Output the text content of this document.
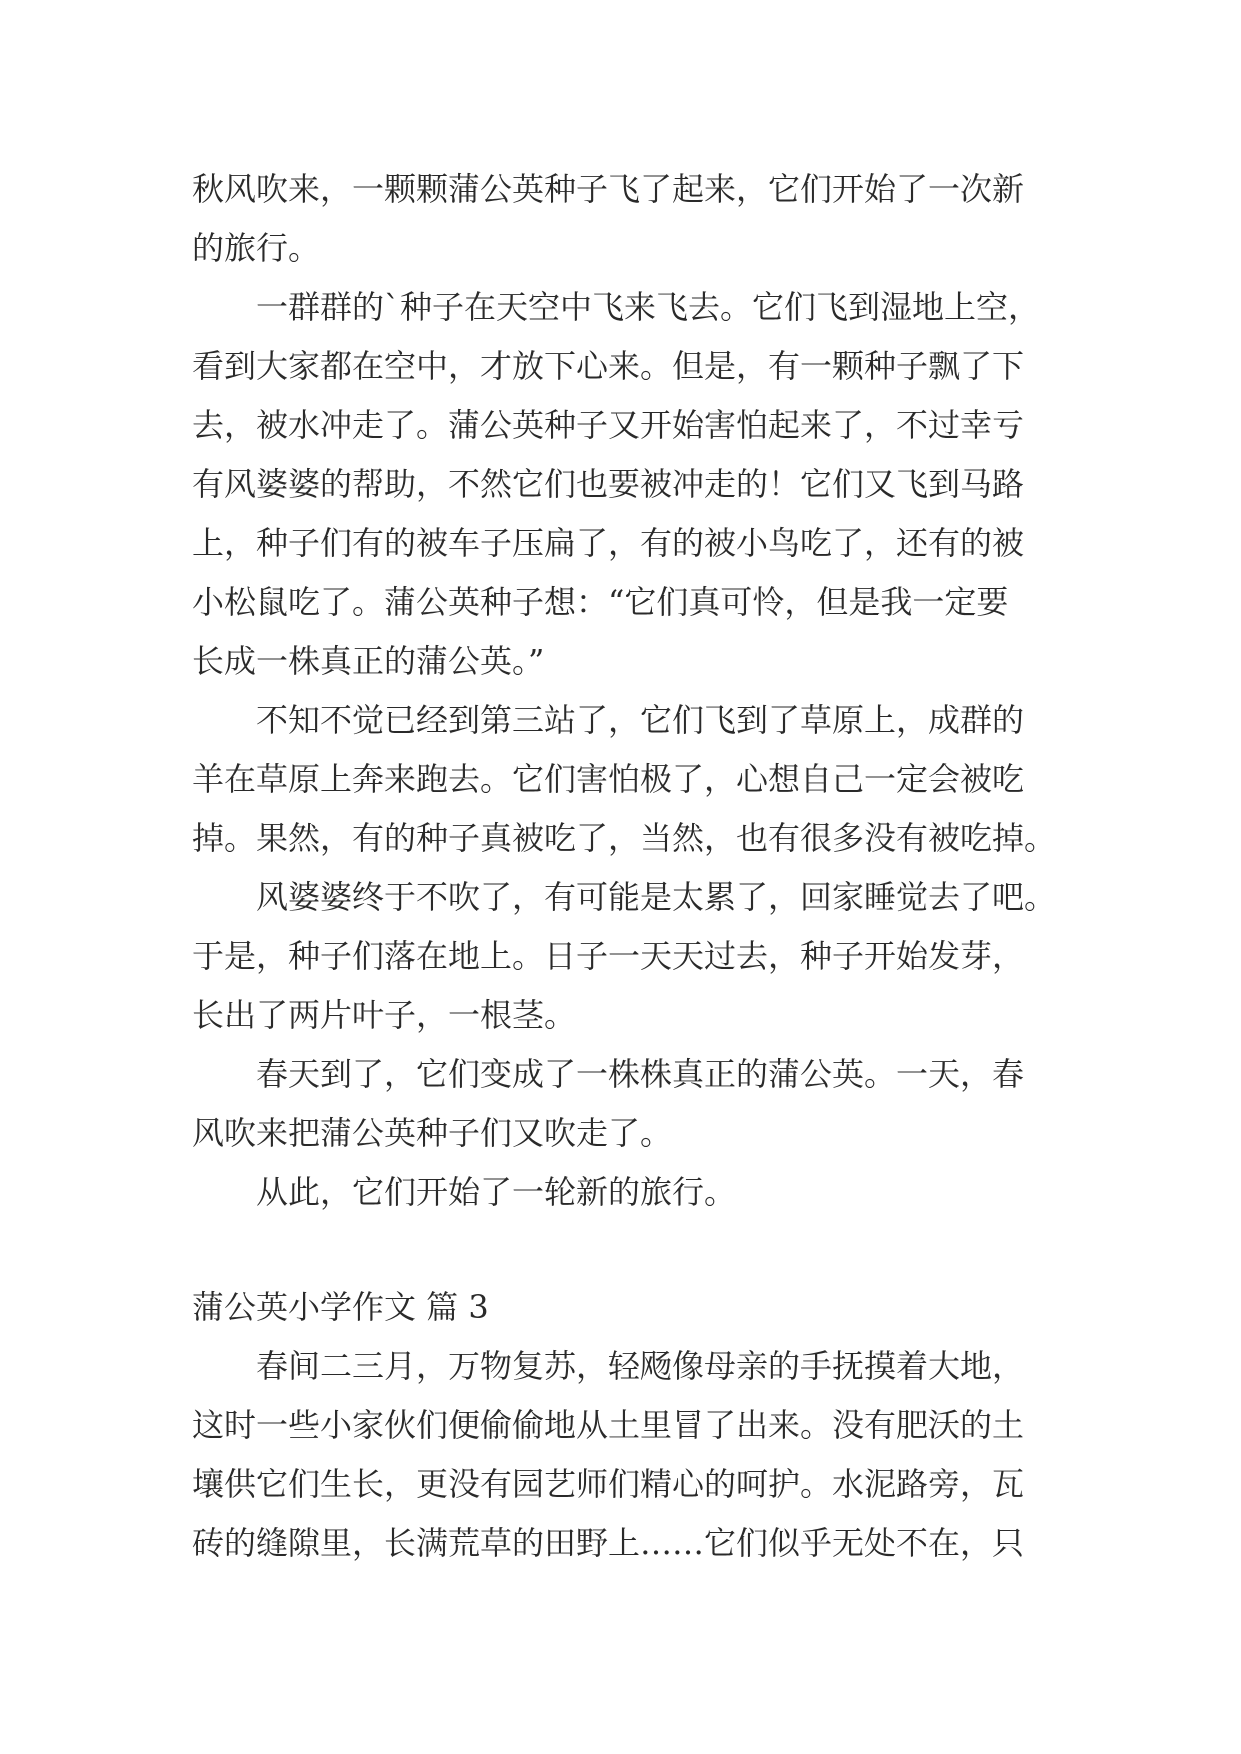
秋风吹来，一颗颗蒲公英种子飞了起来，它们开始了一次新
的旅行。
一群群的`种子在天空中飞来飞去。它们飞到湿地上空，
看到大家都在空中，才放下心来。但是，有一颗种子飘了下
去，被水冲走了。蒲公英种子又开始害怕起来了，不过幸亏
有风婆婆的帮助，不然它们也要被冲走的！它们又飞到马路
上，种子们有的被车子压扁了，有的被小鸟吃了，还有的被
小松鼠吃了。蒲公英种子想：“它们真可怜，但是我一定要
长成一株真正的蒲公英。”
不知不觉已经到第三站了，它们飞到了草原上，成群的
羊在草原上奔来跑去。它们害怕极了，心想自己一定会被吃
掉。果然，有的种子真被吃了，当然，也有很多没有被吃掉。
风婆婆终于不吹了，有可能是太累了，回家睡觉去了吧。
于是，种子们落在地上。日子一天天过去，种子开始发芽，
长出了两片叶子，一根茎。
春天到了，它们变成了一株株真正的蒲公英。一天，春
风吹来把蒲公英种子们又吹走了。
从此，它们开始了一轮新的旅行。
蒲公英小学作文 篇 3
春间二三月，万物复苏，轻飏像母亲的手抚摸着大地，
这时一些小家伙们便偷偷地从土里冒了出来。没有肥沃的土
壤供它们生长，更没有园艺师们精心的呵护。水泥路旁，瓦
砖的缝隙里，长满荒草的田野上……它们似乎无处不在，只
